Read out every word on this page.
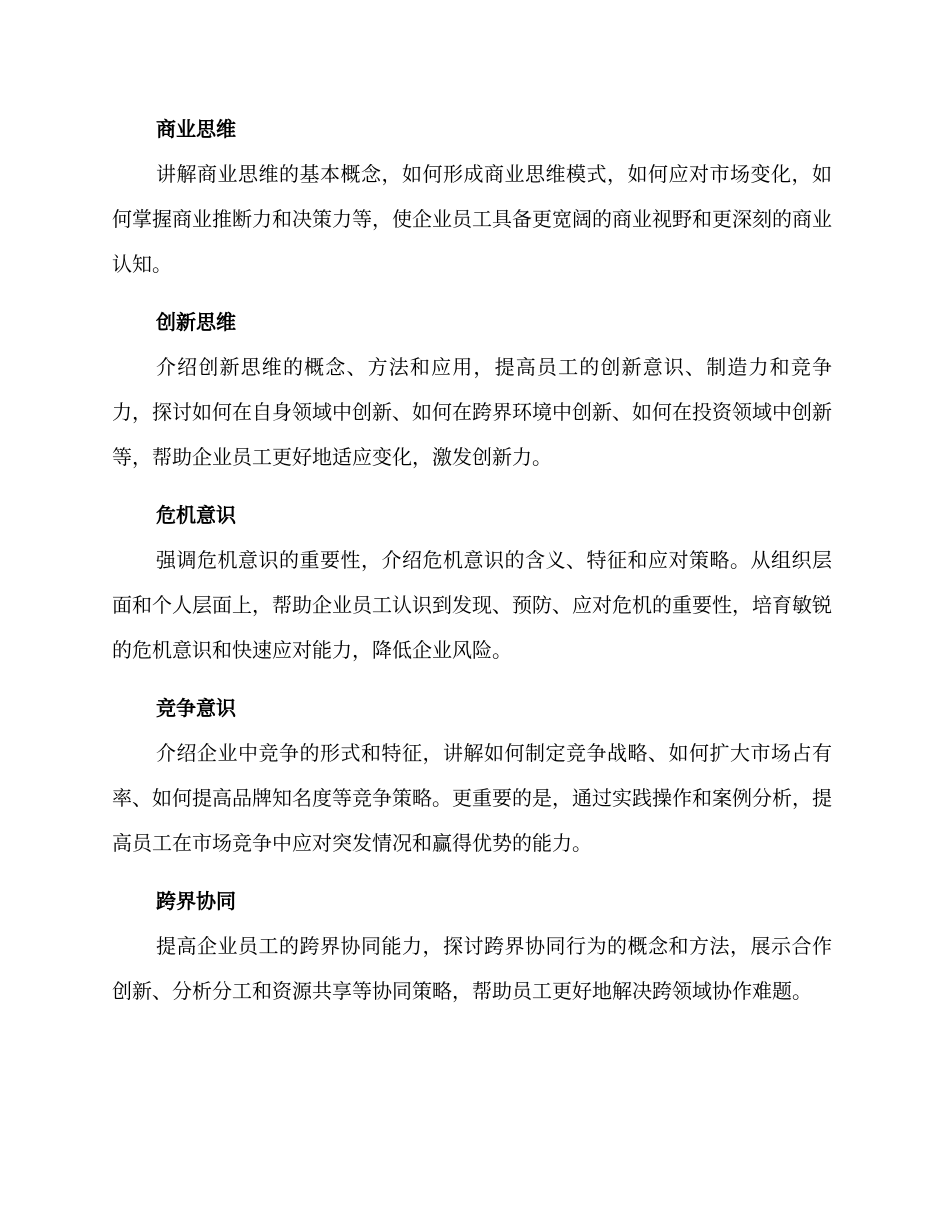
商业思维

讲解商业思维的基本概念，如何形成商业思维模式，如何应对市场变化，如何掌握商业推断力和决策力等，使企业员工具备更宽阔的商业视野和更深刻的商业认知。

创新思维

介绍创新思维的概念、方法和应用，提高员工的创新意识、制造力和竞争力，探讨如何在自身领域中创新、如何在跨界环境中创新、如何在投资领域中创新等，帮助企业员工更好地适应变化，激发创新力。

危机意识

强调危机意识的重要性，介绍危机意识的含义、特征和应对策略。从组织层面和个人层面上，帮助企业员工认识到发现、预防、应对危机的重要性，培育敏锐的危机意识和快速应对能力，降低企业风险。

竞争意识

介绍企业中竞争的形式和特征，讲解如何制定竞争战略、如何扩大市场占有率、如何提高品牌知名度等竞争策略。更重要的是，通过实践操作和案例分析，提高员工在市场竞争中应对突发情况和赢得优势的能力。

跨界协同

提高企业员工的跨界协同能力，探讨跨界协同行为的概念和方法，展示合作创新、分析分工和资源共享等协同策略，帮助员工更好地解决跨领域协作难题。
